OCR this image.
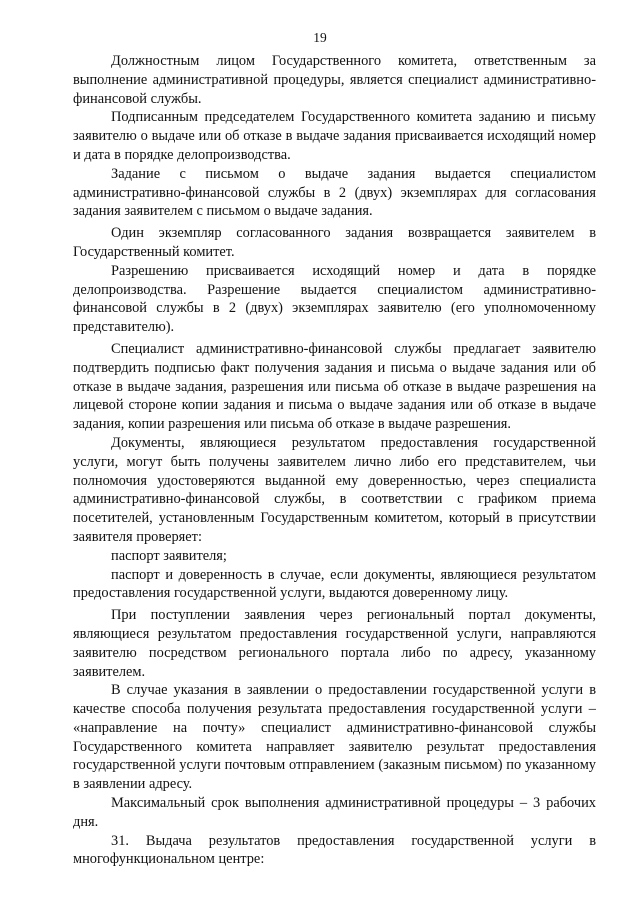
19

Должностным лицом Государственного комитета, ответственным за выполнение административной процедуры, является специалист административно-финансовой службы.

Подписанным председателем Государственного комитета заданию и письму заявителю о выдаче или об отказе в выдаче задания присваивается исходящий номер и дата в порядке делопроизводства.

Задание с письмом о выдаче задания выдается специалистом административно-финансовой службы в 2 (двух) экземплярах для согласования задания заявителем с письмом о выдаче задания.

Один экземпляр согласованного задания возвращается заявителем в Государственный комитет.

Разрешению присваивается исходящий номер и дата в порядке делопроизводства. Разрешение выдается специалистом административно-финансовой службы в 2 (двух) экземплярах заявителю (его уполномоченному представителю).

Специалист административно-финансовой службы предлагает заявителю подтвердить подписью факт получения задания и письма о выдаче задания или об отказе в выдаче задания, разрешения или письма об отказе в выдаче разрешения на лицевой стороне копии задания и письма о выдаче задания или об отказе в выдаче задания, копии разрешения или письма об отказе в выдаче разрешения.

Документы, являющиеся результатом предоставления государственной услуги, могут быть получены заявителем лично либо его представителем, чьи полномочия удостоверяются выданной ему доверенностью, через специалиста административно-финансовой службы, в соответствии с графиком приема посетителей, установленным Государственным комитетом, который в присутствии заявителя проверяет:

паспорт заявителя;

паспорт и доверенность в случае, если документы, являющиеся результатом предоставления государственной услуги, выдаются доверенному лицу.

При поступлении заявления через региональный портал документы, являющиеся результатом предоставления государственной услуги, направляются заявителю посредством регионального портала либо по адресу, указанному заявителем.

В случае указания в заявлении о предоставлении государственной услуги в качестве способа получения результата предоставления государственной услуги – «направление на почту» специалист административно-финансовой службы Государственного комитета направляет заявителю результат предоставления государственной услуги почтовым отправлением (заказным письмом) по указанному в заявлении адресу.

Максимальный срок выполнения административной процедуры – 3 рабочих дня.

31. Выдача результатов предоставления государственной услуги в многофункциональном центре:
